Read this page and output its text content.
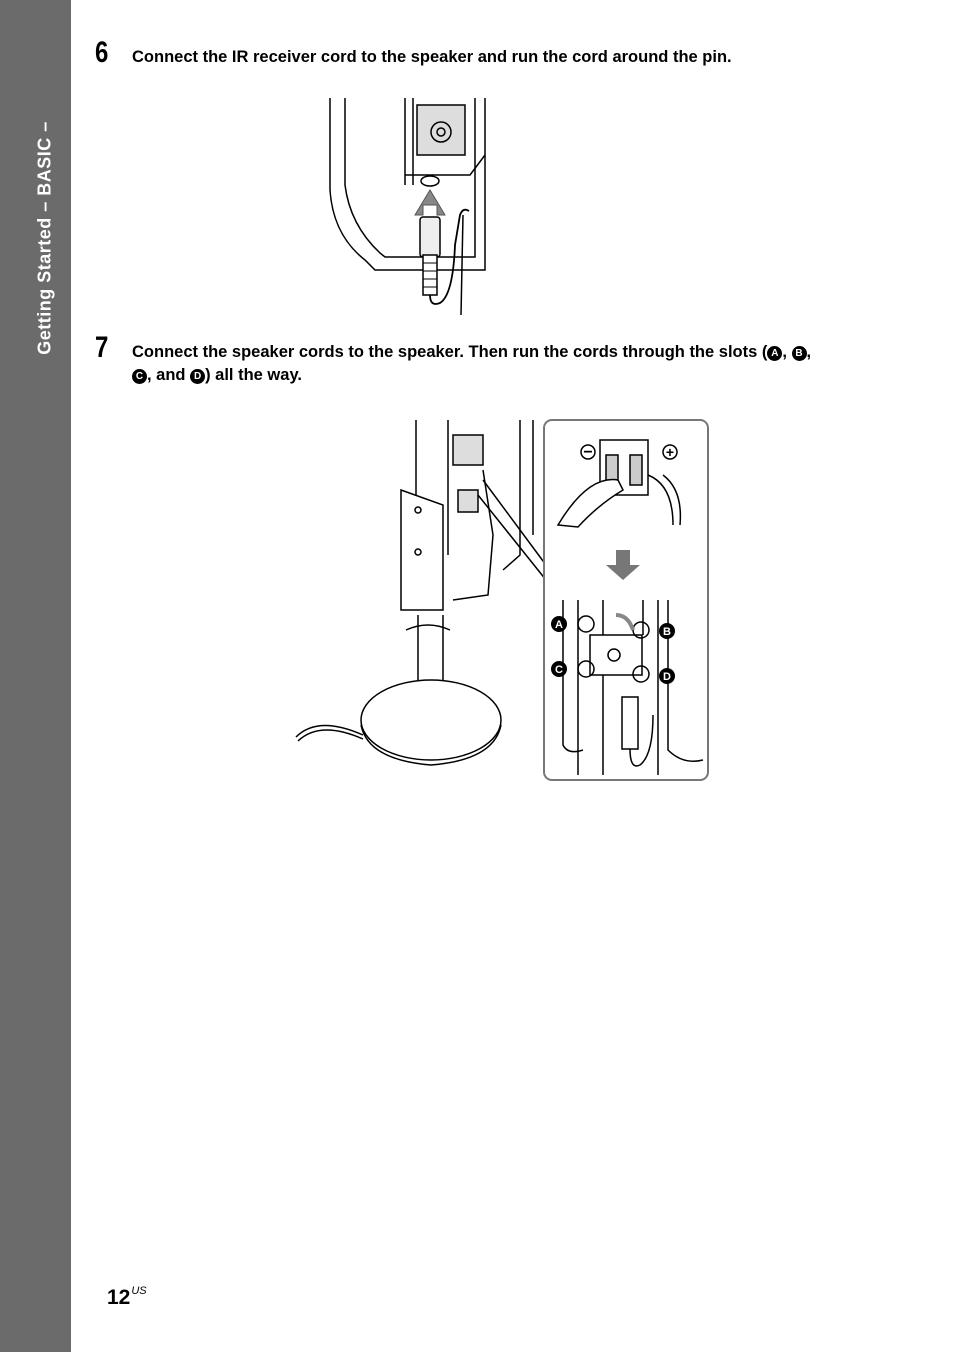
Getting Started – BASIC –
6 Connect the IR receiver cord to the speaker and run the cord around the pin.
7 Connect the speaker cords to the speaker. Then run the cords through the slots ( A , B ,
C , and D ) all the way.
−	+
A
B
C
D
$12^{US}$
